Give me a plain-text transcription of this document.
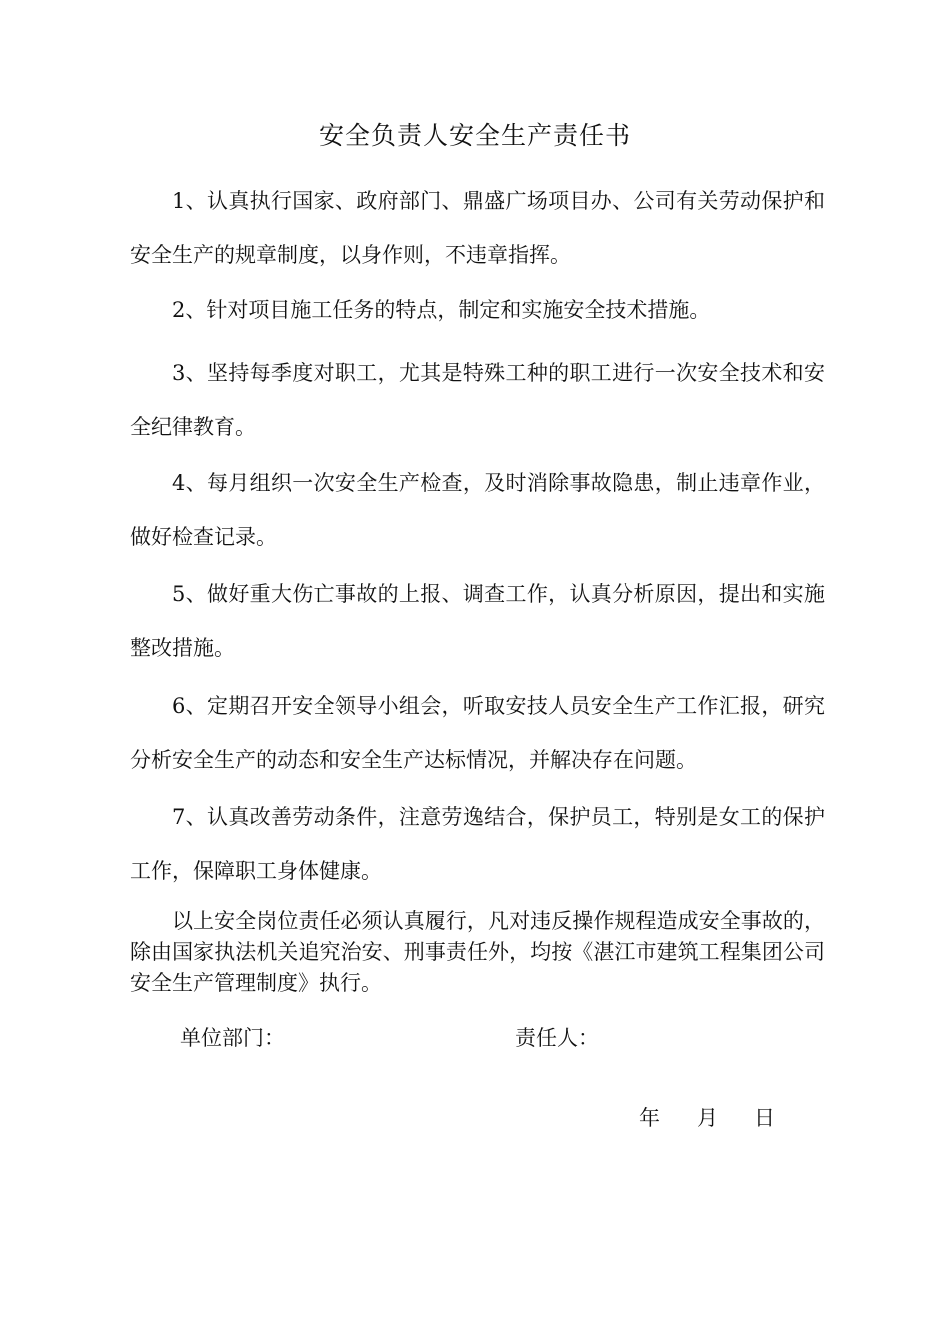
安全负责人安全生产责任书

1、认真执行国家、政府部门、鼎盛广场项目办、公司有关劳动保护和安全生产的规章制度，以身作则，不违章指挥。

2、针对项目施工任务的特点，制定和实施安全技术措施。

3、坚持每季度对职工，尤其是特殊工种的职工进行一次安全技术和安全纪律教育。

4、每月组织一次安全生产检查，及时消除事故隐患，制止违章作业，做好检查记录。

5、做好重大伤亡事故的上报、调查工作，认真分析原因，提出和实施整改措施。

6、定期召开安全领导小组会，听取安技人员安全生产工作汇报，研究分析安全生产的动态和安全生产达标情况，并解决存在问题。

7、认真改善劳动条件，注意劳逸结合，保护员工，特别是女工的保护工作，保障职工身体健康。

以上安全岗位责任必须认真履行，凡对违反操作规程造成安全事故的，除由国家执法机关追究治安、刑事责任外，均按《湛江市建筑工程集团公司安全生产管理制度》执行。

单位部门：	责任人：
年 月 日
